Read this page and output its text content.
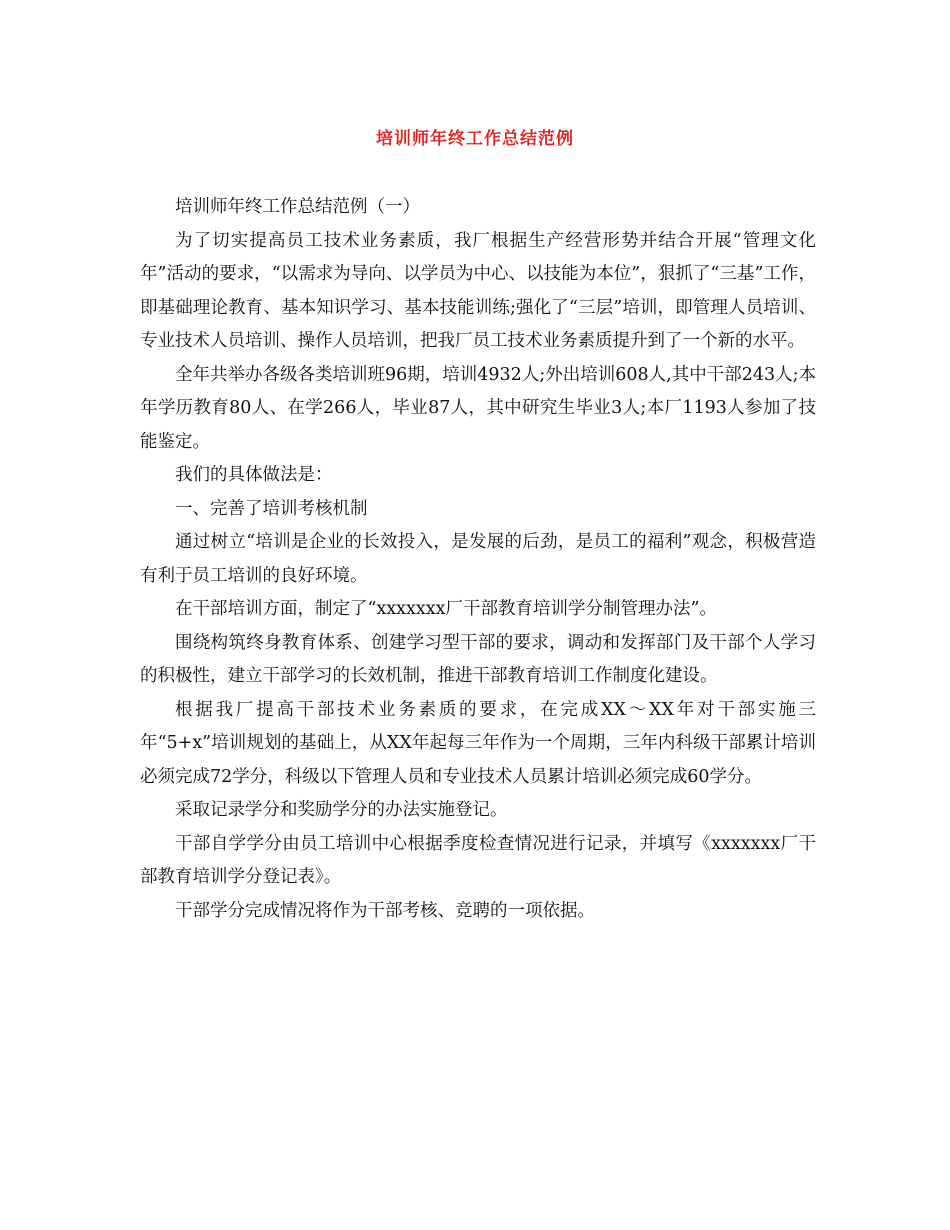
培训师年终工作总结范例

培训师年终工作总结范例（一）

为了切实提高员工技术业务素质，我厂根据生产经营形势并结合开展“管理文化年”活动的要求，“以需求为导向、以学员为中心、以技能为本位”，狠抓了“三基”工作，即基础理论教育、基本知识学习、基本技能训练;强化了“三层”培训，即管理人员培训、专业技术人员培训、操作人员培训，把我厂员工技术业务素质提升到了一个新的水平。

全年共举办各级各类培训班96期，培训4932人;外出培训608人,其中干部243人;本年学历教育80人、在学266人，毕业87人，其中研究生毕业3人;本厂1193人参加了技能鉴定。

我们的具体做法是：

一、完善了培训考核机制

通过树立“培训是企业的长效投入，是发展的后劲，是员工的福利”观念，积极营造有利于员工培训的良好环境。

在干部培训方面，制定了“xxxxxxx厂干部教育培训学分制管理办法”。

围绕构筑终身教育体系、创建学习型干部的要求，调动和发挥部门及干部个人学习的积极性，建立干部学习的长效机制，推进干部教育培训工作制度化建设。

根据我厂提高干部技术业务素质的要求，在完成XX～XX年对干部实施三年“5+x”培训规划的基础上，从XX年起每三年作为一个周期，三年内科级干部累计培训必须完成72学分，科级以下管理人员和专业技术人员累计培训必须完成60学分。

采取记录学分和奖励学分的办法实施登记。

干部自学学分由员工培训中心根据季度检查情况进行记录，并填写《xxxxxxx厂干部教育培训学分登记表》。

干部学分完成情况将作为干部考核、竞聘的一项依据。
